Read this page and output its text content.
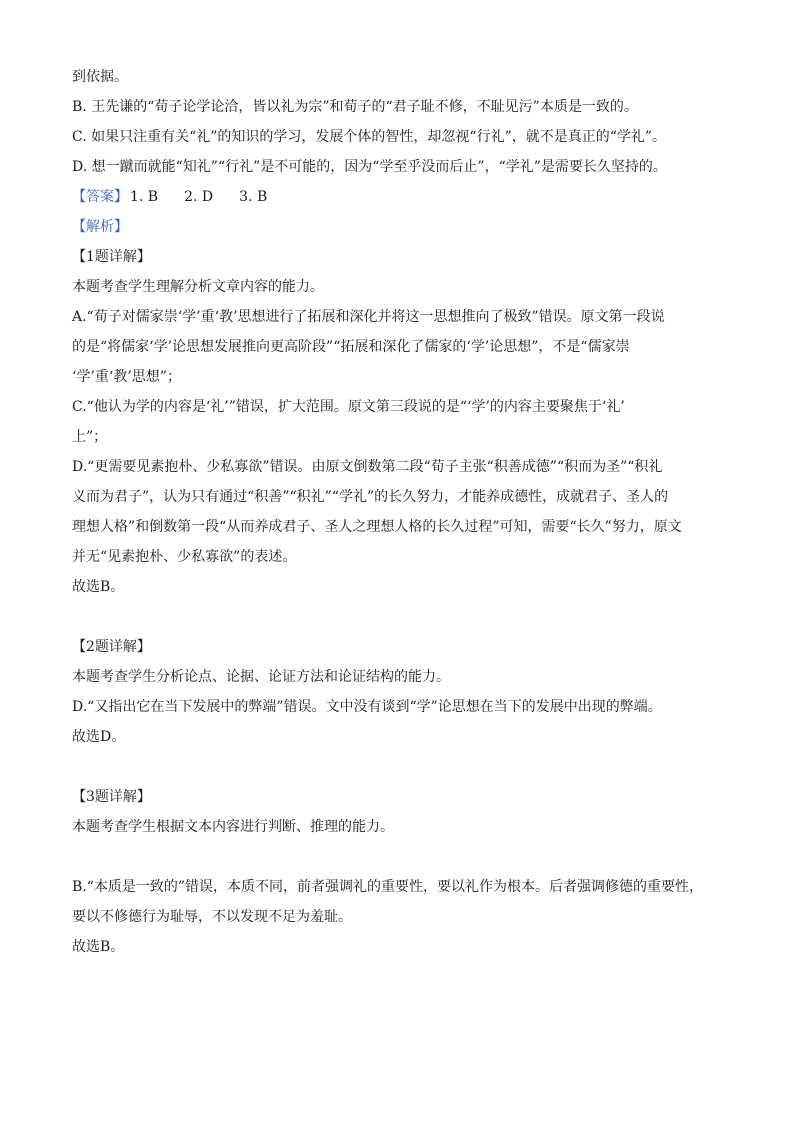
到依据。
B. 王先谦的“荀子论学论洽，皆以礼为宗”和荀子的“君子耻不修，不耻见污”本质是一致的。
C. 如果只注重有关“礼”的知识的学习，发展个体的智性，却忽视“行礼”，就不是真正的“学礼”。
D. 想一蹴而就能“知礼”“行礼”是不可能的，因为“学至乎没而后止”，“学礼”是需要长久坚持的。
【答案】 1. B 2. D 3. B
【解析】
【1题详解】
本题考查学生理解分析文章内容的能力。
A.“荀子对儒家崇‘学’重‘教’思想进行了拓展和深化并将这一思想推向了极致”错误。原文第一段说
的是“将儒家‘学’论思想发展推向更高阶段”“拓展和深化了儒家的‘学’论思想”，不是“儒家崇
‘学’重‘教’思想”；
C.“他认为学的内容是‘礼’”错误，扩大范围。原文第三段说的是“‘学’的内容主要聚焦于‘礼’
上”；
D.“更需要见素抱朴、少私寡欲”错误。由原文倒数第二段“荀子主张“积善成德”“积而为圣”“积礼
义而为君子”，认为只有通过“积善”“积礼”“学礼”的长久努力，才能养成德性，成就君子、圣人的
理想人格”和倒数第一段“从而养成君子、圣人之理想人格的长久过程”可知，需要“长久”努力，原文
并无“见素抱朴、少私寡欲”的表述。
故选B。
【2题详解】
本题考查学生分析论点、论据、论证方法和论证结构的能力。
D.“又指出它在当下发展中的弊端”错误。文中没有谈到“学”论思想在当下的发展中出现的弊端。
故选D。
【3题详解】
本题考查学生根据文本内容进行判断、推理的能力。
B.“本质是一致的”错误，本质不同，前者强调礼的重要性，要以礼作为根本。后者强调修德的重要性，
要以不修德行为耻辱，不以发现不足为羞耻。
故选B。
